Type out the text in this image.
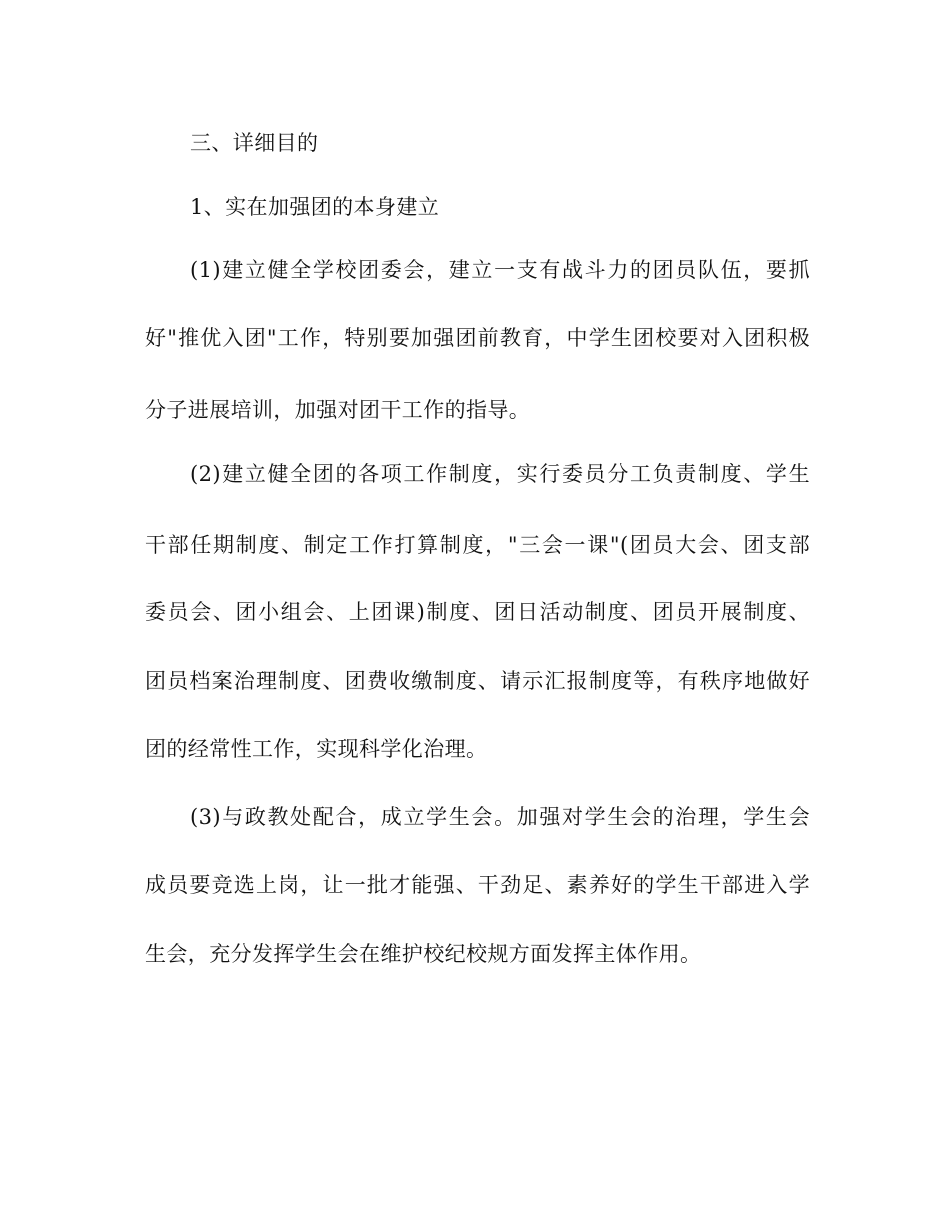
三、详细目的
1、实在加强团的本身建立
(1)建立健全学校团委会，建立一支有战斗力的团员队伍，要抓
好"推优入团"工作，特别要加强团前教育，中学生团校要对入团积极
分子进展培训，加强对团干工作的指导。
(2)建立健全团的各项工作制度，实行委员分工负责制度、学生
干部任期制度、制定工作打算制度，"三会一课"(团员大会、团支部
委员会、团小组会、上团课)制度、团日活动制度、团员开展制度、
团员档案治理制度、团费收缴制度、请示汇报制度等，有秩序地做好
团的经常性工作，实现科学化治理。
(3)与政教处配合，成立学生会。加强对学生会的治理，学生会
成员要竞选上岗，让一批才能强、干劲足、素养好的学生干部进入学
生会，充分发挥学生会在维护校纪校规方面发挥主体作用。
